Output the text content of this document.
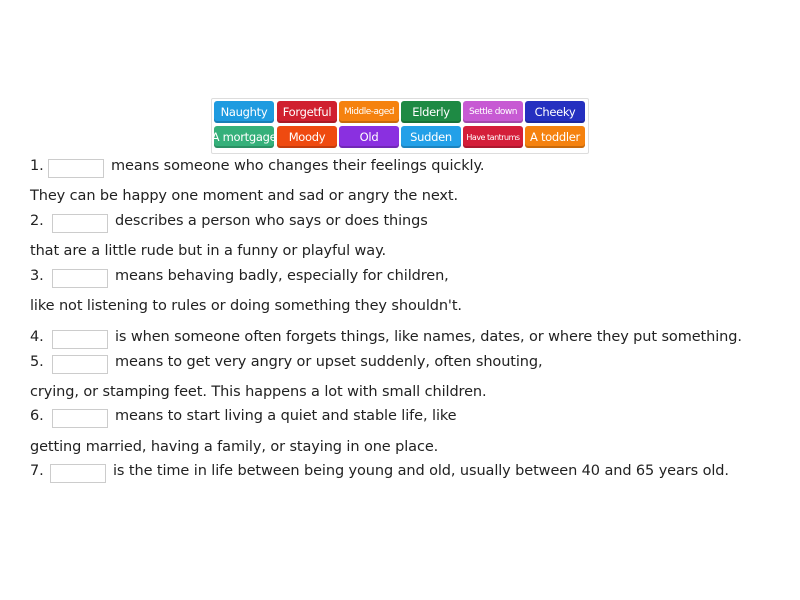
Naughty	Forgetful	Middle-aged	Elderly	Settle down	Cheeky
A mortgage	Moody	Old	Sudden	Have tantrums A toddler
1.	means someone who changes their feelings quickly.
They can be happy one moment and sad or angry the next.
2.	describes a person who says or does things
that are a little rude but in a funny or playful way.
3.	means behaving badly, especially for children,
like not listening to rules or doing something they shouldn't.
4.	is when someone often forgets things, like names, dates, or where they put something.
5.	means to get very angry or upset suddenly, often shouting,
crying, or stamping feet. This happens a lot with small children.
6.	means to start living a quiet and stable life, like
getting married, having a family, or staying in one place.
7.	is the time in life between being young and old, usually between 40 and 65 years old.
